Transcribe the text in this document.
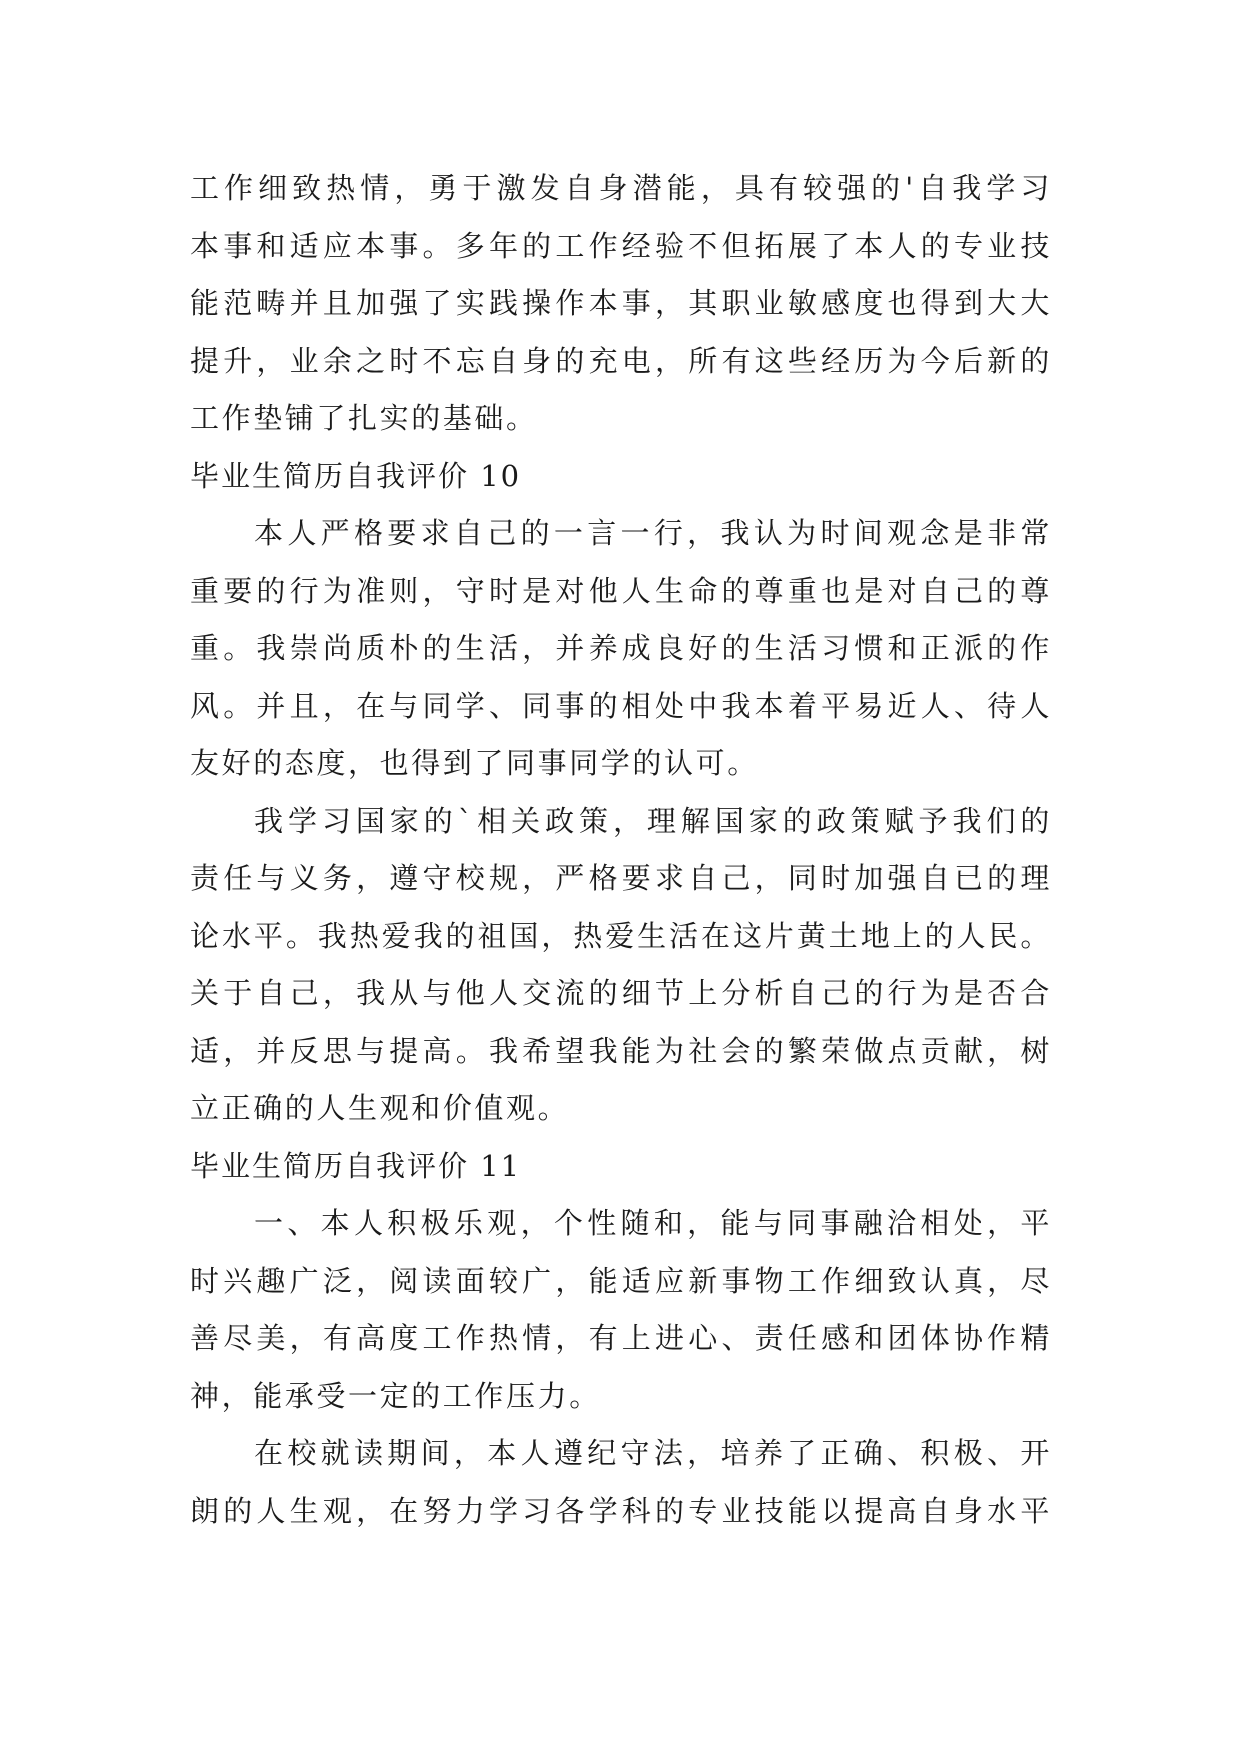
工作细致热情，勇于激发自身潜能，具有较强的'自我学习
本事和适应本事。多年的工作经验不但拓展了本人的专业技
能范畴并且加强了实践操作本事，其职业敏感度也得到大大
提升，业余之时不忘自身的充电，所有这些经历为今后新的
工作垫铺了扎实的基础。
毕业生简历自我评价 10
本人严格要求自己的一言一行，我认为时间观念是非常
重要的行为准则，守时是对他人生命的尊重也是对自己的尊
重。我崇尚质朴的生活，并养成良好的生活习惯和正派的作
风。并且，在与同学、同事的相处中我本着平易近人、待人
友好的态度，也得到了同事同学的认可。
我学习国家的`相关政策，理解国家的政策赋予我们的
责任与义务，遵守校规，严格要求自己，同时加强自已的理
论水平。我热爱我的祖国，热爱生活在这片黄土地上的人民。
关于自己，我从与他人交流的细节上分析自己的行为是否合
适，并反思与提高。我希望我能为社会的繁荣做点贡献，树
立正确的人生观和价值观。
毕业生简历自我评价 11
一、本人积极乐观，个性随和，能与同事融洽相处，平
时兴趣广泛，阅读面较广，能适应新事物工作细致认真，尽
善尽美，有高度工作热情，有上进心、责任感和团体协作精
神，能承受一定的工作压力。
在校就读期间，本人遵纪守法，培养了正确、积极、开
朗的人生观，在努力学习各学科的专业技能以提高自身水平
